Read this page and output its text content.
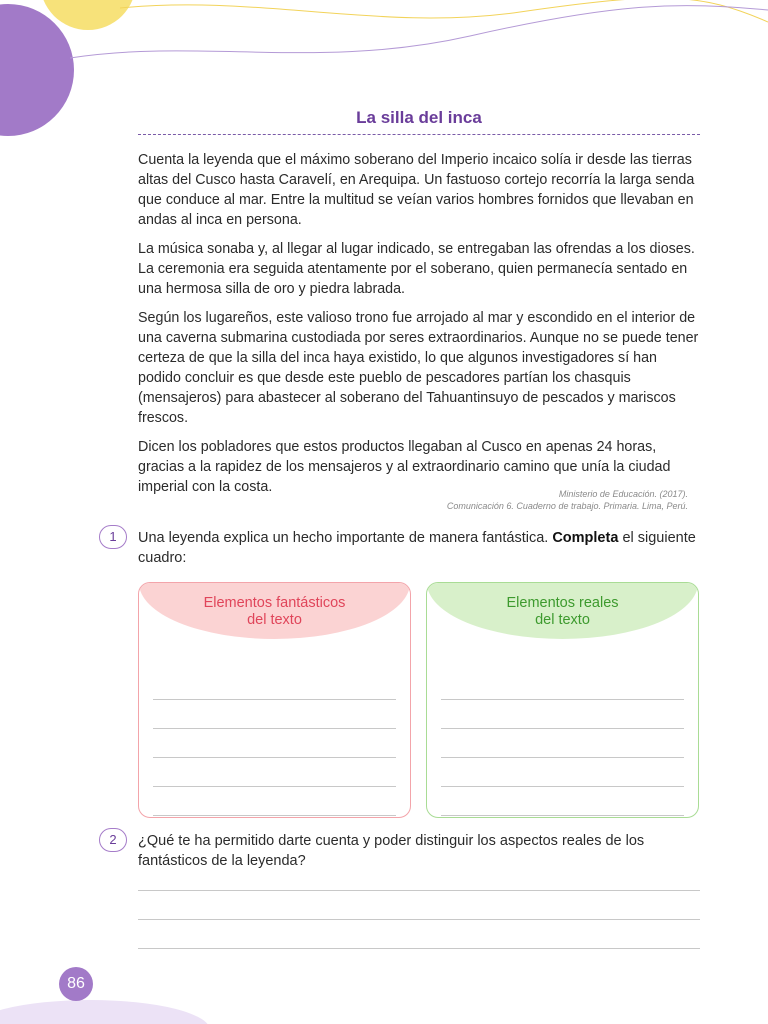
La silla del inca

Cuenta la leyenda que el máximo soberano del Imperio incaico solía ir desde las tierras altas del Cusco hasta Caravelí, en Arequipa. Un fastuoso cortejo recorría la larga senda que conduce al mar. Entre la multitud se veían varios hombres fornidos que llevaban en andas al inca en persona.

La música sonaba y, al llegar al lugar indicado, se entregaban las ofrendas a los dioses. La ceremonia era seguida atentamente por el soberano, quien permanecía sentado en una hermosa silla de oro y piedra labrada.

Según los lugareños, este valioso trono fue arrojado al mar y escondido en el interior de una caverna submarina custodiada por seres extraordinarios. Aunque no se puede tener certeza de que la silla del inca haya existido, lo que algunos investigadores sí han podido concluir es que desde este pueblo de pescadores partían los chasquis (mensajeros) para abastecer al soberano del Tahuantinsuyo de pescados y mariscos frescos.

Dicen los pobladores que estos productos llegaban al Cusco en apenas 24 horas, gracias a la rapidez de los mensajeros y al extraordinario camino que unía la ciudad imperial con la costa.	Ministerio de Educación. (2017).
Comunicación 6. Cuaderno de trabajo. Primaria. Lima, Perú.
1	Una leyenda explica un hecho importante de manera fantástica. Completa el siguiente cuadro:
Elementos fantásticos
del texto
Elementos reales
del texto
2	¿Qué te ha permitido darte cuenta y poder distinguir los aspectos reales de los fantásticos de la leyenda?
86
